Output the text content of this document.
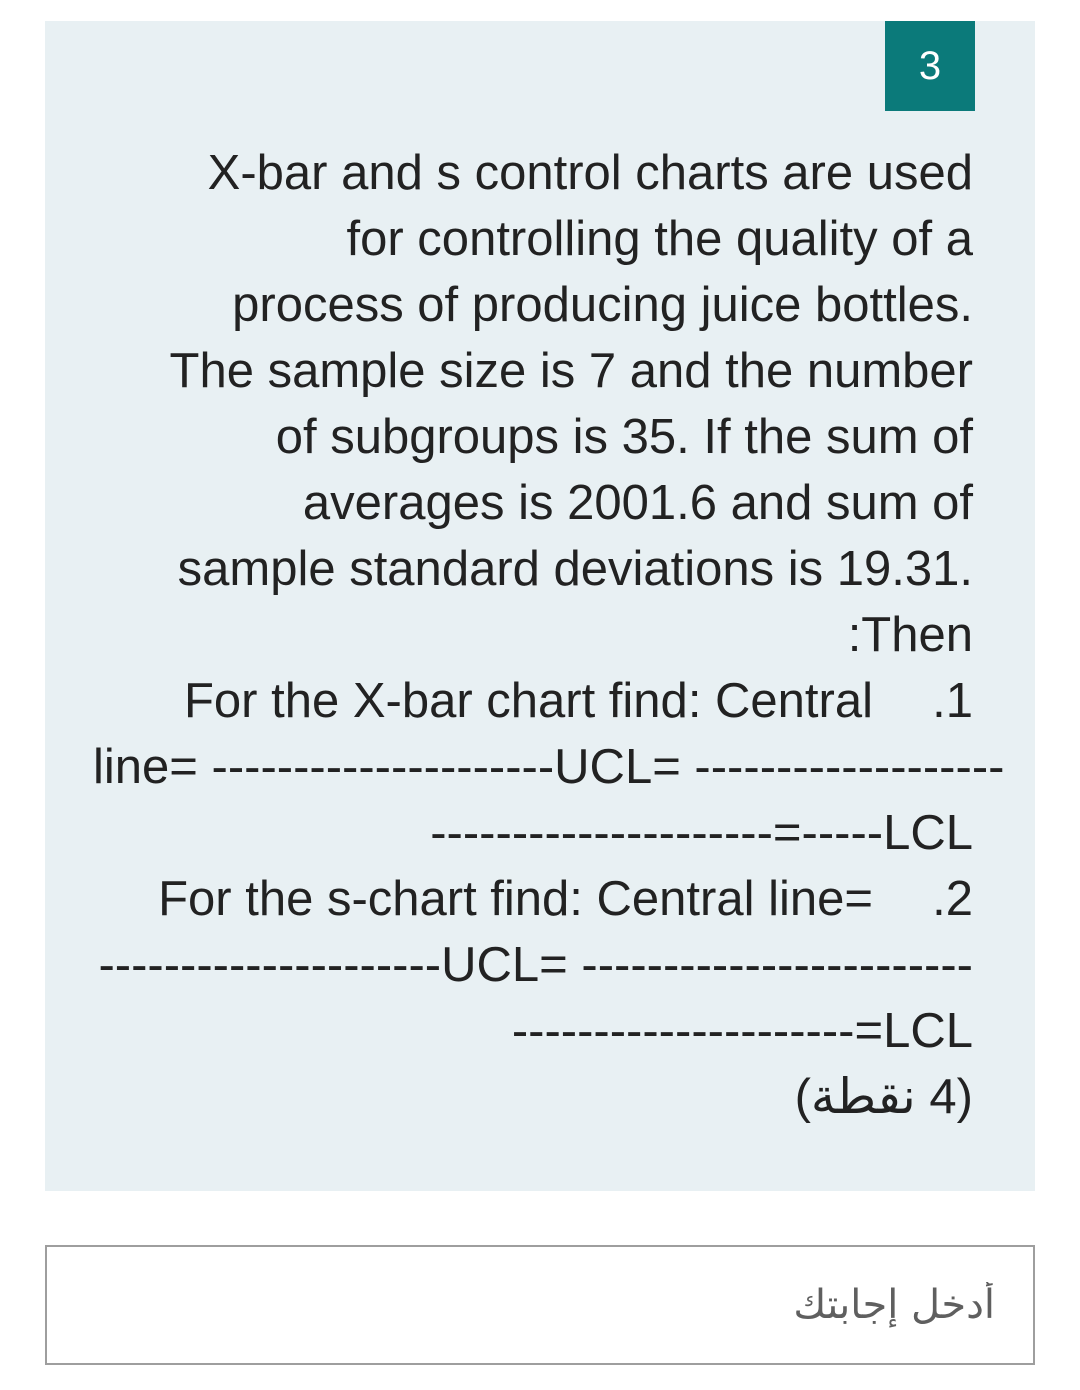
3
X-bar and s control charts are used
for controlling the quality of a
process of producing juice bottles.
The sample size is 7 and the number
of subgroups is 35. If the sum of
averages is 2001.6 and sum of
sample standard deviations is 19.31.
:Then
For the X-bar chart find: Central .1
line= ---------------------UCL= -------------------
---------------------=-----LCL
For the s-chart find: Central line= .2
---------------------UCL= ------------------------
---------------------=LCL
(4 نقطة)
أدخل إجابتك
